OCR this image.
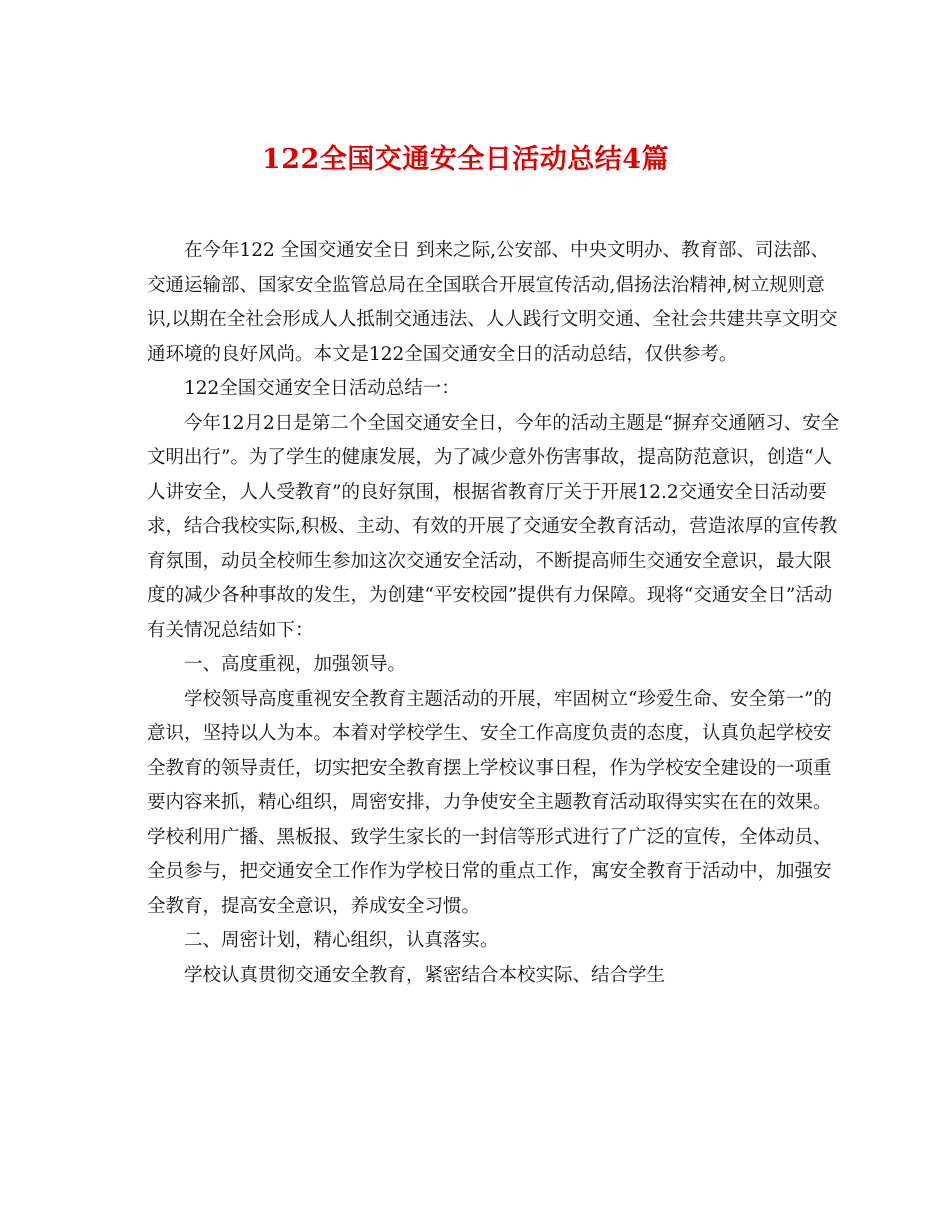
122全国交通安全日活动总结4篇

在今年122 全国交通安全日 到来之际,公安部、中央文明办、教育部、司法部、交通运输部、国家安全监管总局在全国联合开展宣传活动,倡扬法治精神,树立规则意识,以期在全社会形成人人抵制交通违法、人人践行文明交通、全社会共建共享文明交通环境的良好风尚。本文是122全国交通安全日的活动总结，仅供参考。

122全国交通安全日活动总结一：

今年12月2日是第二个全国交通安全日，今年的活动主题是“摒弃交通陋习、安全文明出行”。为了学生的健康发展，为了减少意外伤害事故，提高防范意识，创造“人人讲安全，人人受教育”的良好氛围，根据省教育厅关于开展12.2交通安全日活动要求，结合我校实际,积极、主动、有效的开展了交通安全教育活动，营造浓厚的宣传教育氛围，动员全校师生参加这次交通安全活动，不断提高师生交通安全意识，最大限度的减少各种事故的发生，为创建“平安校园”提供有力保障。现将“交通安全日”活动有关情况总结如下：

一、高度重视，加强领导。

学校领导高度重视安全教育主题活动的开展，牢固树立“珍爱生命、安全第一”的意识，坚持以人为本。本着对学校学生、安全工作高度负责的态度，认真负起学校安全教育的领导责任，切实把安全教育摆上学校议事日程，作为学校安全建设的一项重要内容来抓，精心组织，周密安排，力争使安全主题教育活动取得实实在在的效果。学校利用广播、黑板报、致学生家长的一封信等形式进行了广泛的宣传，全体动员、全员参与，把交通安全工作作为学校日常的重点工作，寓安全教育于活动中，加强安全教育，提高安全意识，养成安全习惯。

二、周密计划，精心组织，认真落实。

学校认真贯彻交通安全教育，紧密结合本校实际、结合学生
